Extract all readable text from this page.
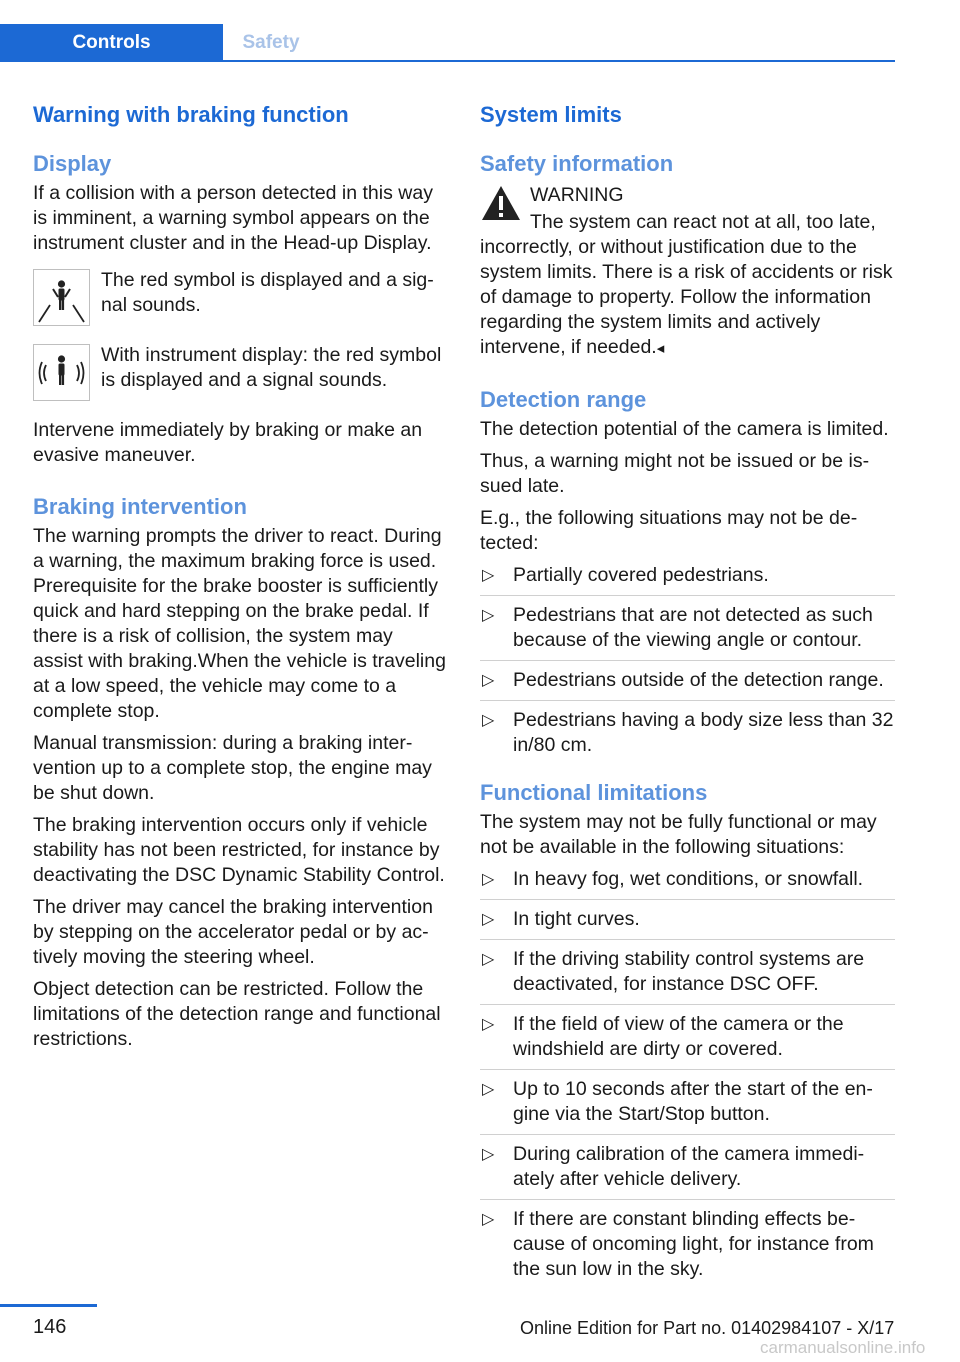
Controls	Safety
Warning with braking function
Display

If a collision with a person detected in this way is imminent, a warning symbol appears on the instrument cluster and in the Head-up Display.

The red symbol is displayed and a signal sounds.
With instrument display: the red symbol is displayed and a signal sounds.

Intervene immediately by braking or make an evasive maneuver.

Braking intervention

The warning prompts the driver to react. During a warning, the maximum braking force is used. Prerequisite for the brake booster is sufficiently quick and hard stepping on the brake pedal. If there is a risk of collision, the system may assist with braking.When the vehicle is traveling at a low speed, the vehicle may come to a complete stop.

Manual transmission: during a braking intervention up to a complete stop, the engine may be shut down.

The braking intervention occurs only if vehicle stability has not been restricted, for instance by deactivating the DSC Dynamic Stability Control.

The driver may cancel the braking intervention by stepping on the accelerator pedal or by actively moving the steering wheel.

Object detection can be restricted. Follow the limitations of the detection range and functional restrictions.

System limits
Safety information
WARNING

The system can react not at all, too late, incorrectly, or without justification due to the system limits. There is a risk of accidents or risk of damage to property. Follow the information regarding the system limits and actively intervene, if needed.◂

Detection range

The detection potential of the camera is limited.

Thus, a warning might not be issued or be issued late.

E.g., the following situations may not be detected:

▷ Partially covered pedestrians.
▷ Pedestrians that are not detected as such because of the viewing angle or contour.
▷ Pedestrians outside of the detection range.
▷ Pedestrians having a body size less than 32 in/80 cm.
Functional limitations

The system may not be fully functional or may not be available in the following situations:

▷ In heavy fog, wet conditions, or snowfall.
▷ In tight curves.
▷ If the driving stability control systems are deactivated, for instance DSC OFF.
▷ If the field of view of the camera or the windshield are dirty or covered.
▷ Up to 10 seconds after the start of the engine via the Start/Stop button.
▷ During calibration of the camera immediately after vehicle delivery.
▷ If there are constant blinding effects because of oncoming light, for instance from the sun low in the sky.
146	Online Edition for Part no. 01402984107 - X/17
carmanualsonline.info
